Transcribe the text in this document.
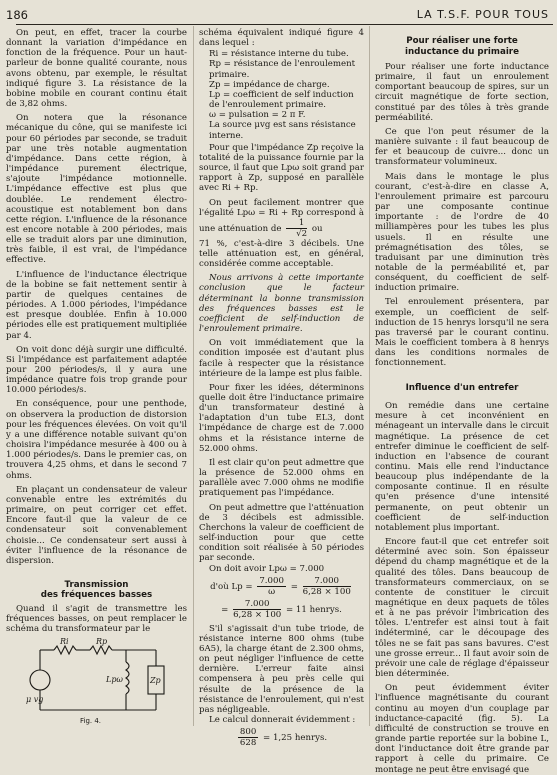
186	LA T.S.F. POUR TOUS

On peut, en effet, tracer la courbe donnant la variation d'impédance en fonction de la fréquence. Pour un haut-parleur de bonne qualité courante, nous avons obtenu, par exemple, le résultat indiqué figure 3. La résistance de la bobine mobile en courant continu était de 3,82 ohms.

On notera que la résonance mécanique du cône, qui se manifeste ici pour 60 périodes par seconde, se traduit par une très notable augmentation d'impédance. Dans cette région, à l'impédance purement électrique, s'ajoute l'impédance motionnelle. L'impédance effective est plus que doublée. Le rendement électro-acoustique est notablement bon dans cette région. L'influence de la résonance est encore notable à 200 périodes, mais elle se traduit alors par une diminution, très faible, il est vrai, de l'impédance effective.

L'influence de l'inductance électrique de la bobine se fait nettement sentir à partir de quelques centaines de périodes. A 1.000 périodes, l'impédance est presque doublée. Enfin à 10.000 périodes elle est pratiquement multipliée par 4.

On voit donc déjà surgir une difficulté. Si l'impédance est parfaitement adaptée pour 200 périodes/s, il y aura une impédance quatre fois trop grande pour 10.000 périodes/s.

En conséquence, pour une penthode, on observera la production de distorsion pour les fréquences élevées. On voit qu'il y a une différence notable suivant qu'on choisira l'impédance mesurée à 400 ou à 1.000 périodes/s. Dans le premier cas, on trouvera 4,25 ohms, et dans le second 7 ohms.

En plaçant un condensateur de valeur convenable entre les extrémités du primaire, on peut corriger cet effet. Encore faut-il que la valeur de ce condensateur soit convenablement choisie... Ce condensateur sert aussi à éviter l'influence de la résonance de dispersion.

Transmission
des fréquences basses

Quand il s'agit de transmettre les fréquences basses, on peut remplacer le schéma du transformateur par le

Ri	Rp
μ vg
Lpω	Zp
Fig. 4.

schéma équivalent indiqué figure 4 dans lequel :

Ri = résistance interne du tube.
Rp = résistance de l'enroulement primaire.
Zp = impédance de charge.
Lp = coefficient de self induction de l'enroulement primaire.
ω = pulsation = 2 π F.
La source μvg est sans résistance interne.

Pour que l'impédance Zp reçoive la totalité de la puissance fournie par la source, il faut que Lpω soit grand par rapport à Zp, supposé en parallèle avec Ri + Rp.

On peut facilement montrer que l'égalité Lpω = Ri + Rp correspond à une atténuation de $\frac{1}{√2}$ ou

71 %, c'est-à-dire 3 décibels. Une telle atténuation est, en général, considérée comme acceptable.

Nous arrivons à cette importante conclusion que le facteur déterminant la bonne transmission des fréquences basses est le coefficient de self-induction de l'enroulement primaire.

On voit immédiatement que la condition imposée est d'autant plus facile à respecter que la résistance intérieure de la lampe est plus faible.

Pour fixer les idées, déterminons quelle doit être l'inductance primaire d'un transformateur destiné à l'adaptation d'un tube EL3, dont l'impédance de charge est de 7.000 ohms et la résistance interne de 52.000 ohms.

Il est clair qu'on peut admettre que la présence de 52.000 ohms en parallèle avec 7.000 ohms ne modifie pratiquement pas l'impédance.

On peut admettre que l'atténuation de 3 décibels est admissible. Cherchons la valeur de coefficient de self-induction pour que cette condition soit réalisée à 50 périodes par seconde.

On doit avoir Lpω = 7.000

d'où $Lp = \frac{7.000}{\omega} = \frac{7.000}{6,28 \times 100}$
= $\frac{7.000}{6,28 \times 100} = 11$ henrys.

S'il s'agissait d'un tube triode, de résistance interne 800 ohms (tube 6A5), la charge étant de 2.300 ohms, on peut négliger l'influence de cette dernière. L'erreur faite ainsi compensera à peu près celle qui résulte de la présence de la résistance de l'enroulement, qui n'est pas négligeable.

Le calcul donnerait évidemment :

$\frac{800}{628} = 1,25$ henrys.
Pour réaliser une forte
inductance du primaire

Pour réaliser une forte inductance primaire, il faut un enroulement comportant beaucoup de spires, sur un circuit magnétique de forte section, constitué par des tôles à très grande perméabilité.

Ce que l'on peut résumer de la manière suivante : il faut beaucoup de fer et beaucoup de cuivre... donc un transformateur volumineux.

Mais dans le montage le plus courant, c'est-à-dire en classe A, l'enroulement primaire est parcouru par une composante continue importante : de l'ordre de 40 milliampères pour les tubes les plus usuels. Il en résulte une prémagnétisation des tôles, se traduisant par une diminution très notable de la perméabilité et, par conséquent, du coefficient de self-induction primaire.

Tel enroulement présentera, par exemple, un coefficient de self-induction de 15 henrys lorsqu'il ne sera pas traversé par le courant continu. Mais le coefficient tombera à 8 henrys dans les conditions normales de fonctionnement.

Influence d'un entrefer

On remédie dans une certaine mesure à cet inconvénient en ménageant un intervalle dans le circuit magnétique. La présence de cet entrefer diminue le coefficient de self-induction en l'absence de courant continu. Mais elle rend l'inductance beaucoup plus indépendante de la composante continue. Il en résulte qu'en présence d'une intensité permanente, on peut obtenir un coefficient de self-induction notablement plus important.

Encore faut-il que cet entrefer soit déterminé avec soin. Son épaisseur dépend du champ magnétique et de la qualité des tôles. Dans beaucoup de transformateurs commerciaux, on se contente de constituer le circuit magnétique en deux paquets de tôles et à ne pas prévoir l'imbrication des tôles. L'entrefer est ainsi tout à fait indéterminé, car le découpage des tôles ne se fait pas sans bavures. C'est une grosse erreur... Il faut avoir soin de prévoir une cale de réglage d'épaisseur bien déterminée.

On peut évidemment éviter l'influence magnétisante du courant continu au moyen d'un couplage par inductance-capacité (fig. 5). La difficulté de construction se trouve en grande partie reportée sur la bobine L, dont l'inductance doit être grande par rapport à celle du primaire. Ce montage ne peut être envisagé que
